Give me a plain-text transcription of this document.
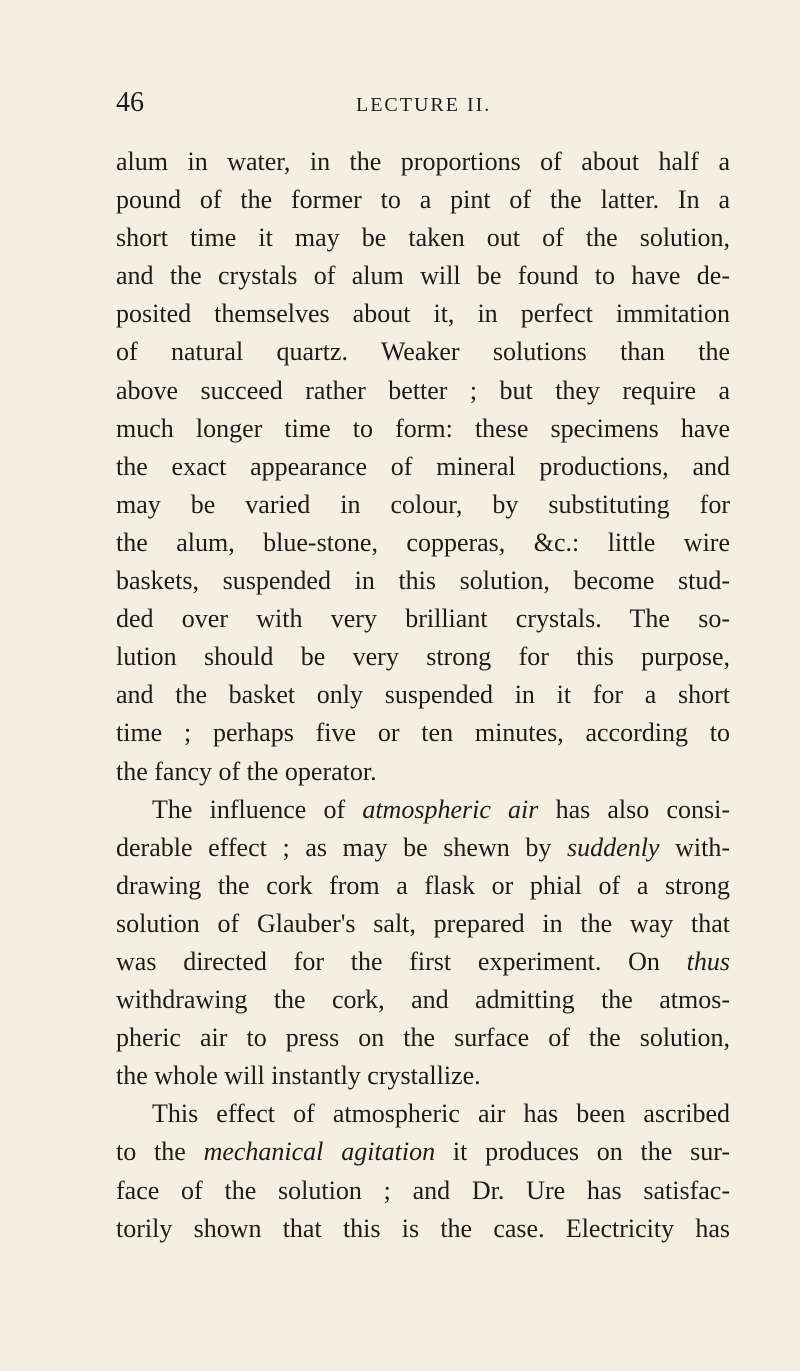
46	LECTURE II.
alum in water, in the proportions of about half a
pound of the former to a pint of the latter. In a
short time it may be taken out of the solution,
and the crystals of alum will be found to have de-
posited themselves about it, in perfect immitation
of natural quartz. Weaker solutions than the
above succeed rather better ; but they require a
much longer time to form: these specimens have
the exact appearance of mineral productions, and
may be varied in colour, by substituting for
the alum, blue-stone, copperas, &c.: little wire
baskets, suspended in this solution, become stud-
ded over with very brilliant crystals. The so-
lution should be very strong for this purpose,
and the basket only suspended in it for a short
time ; perhaps five or ten minutes, according to
the fancy of the operator.
The influence of atmospheric air has also consi-
derable effect ; as may be shewn by suddenly with-
drawing the cork from a flask or phial of a strong
solution of Glauber's salt, prepared in the way that
was directed for the first experiment. On thus
withdrawing the cork, and admitting the atmos-
pheric air to press on the surface of the solution,
the whole will instantly crystallize.
This effect of atmospheric air has been ascribed
to the mechanical agitation it produces on the sur-
face of the solution ; and Dr. Ure has satisfac-
torily shown that this is the case. Electricity has
